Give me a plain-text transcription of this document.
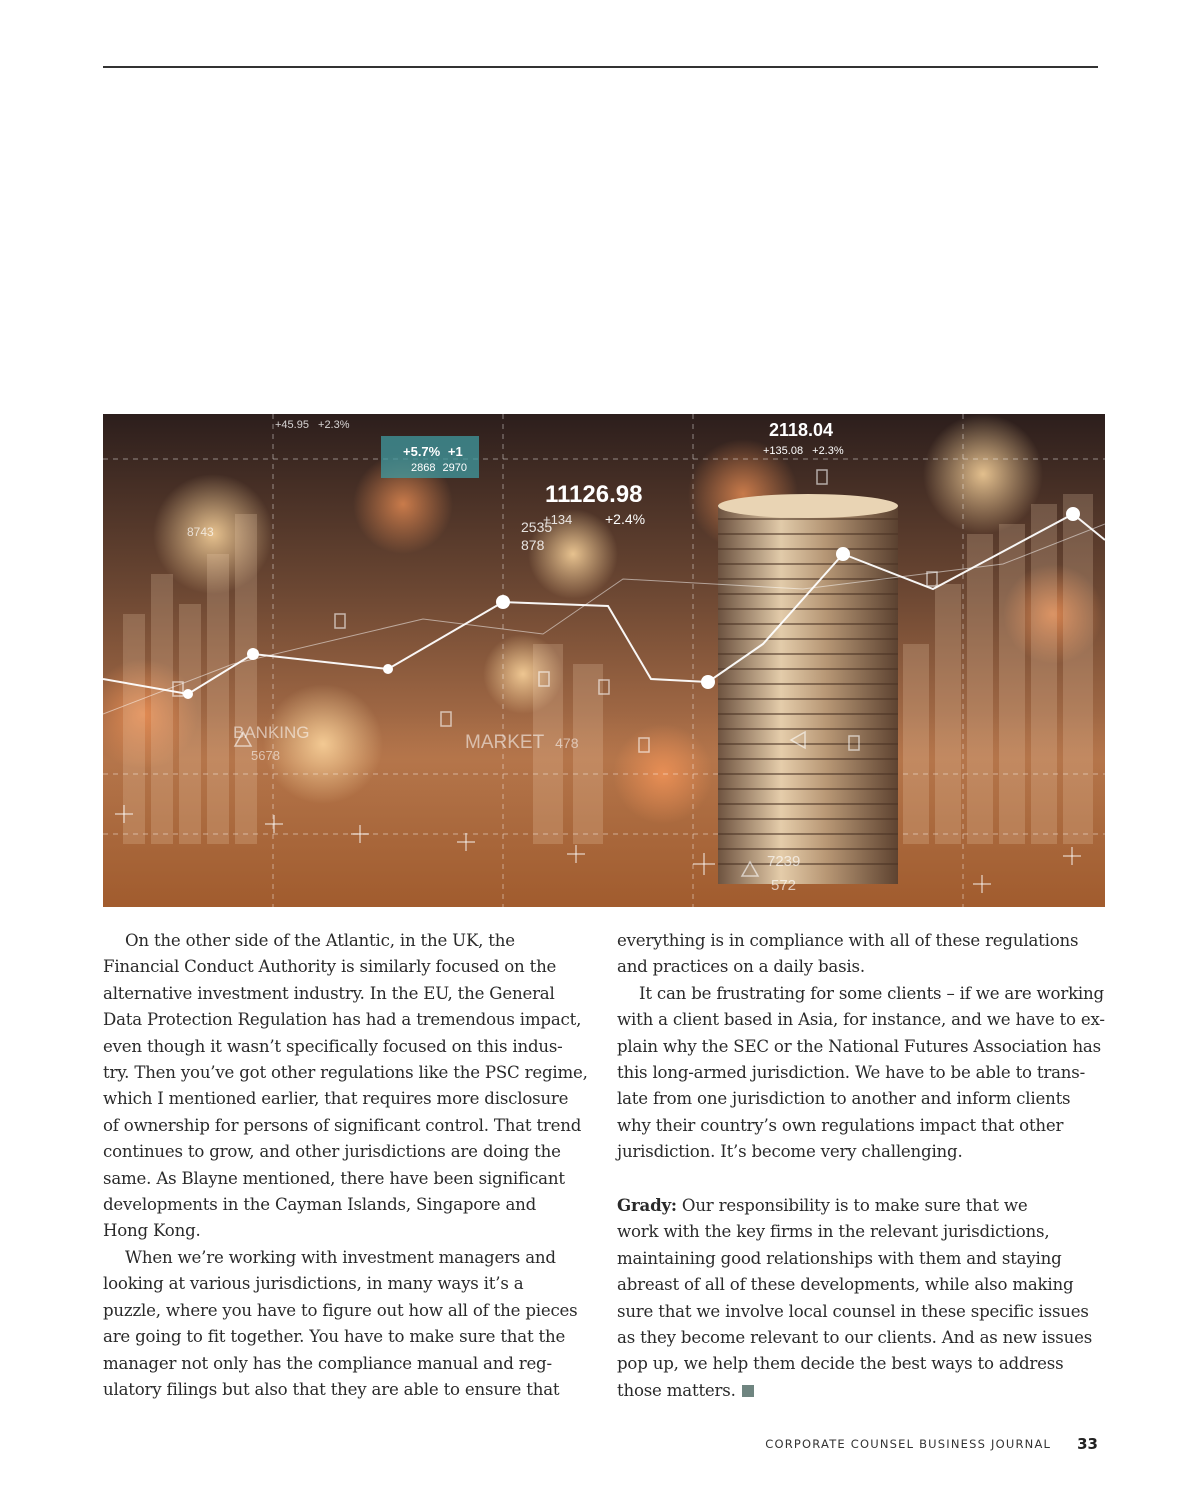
+45.95 +2.3%
+5.7% +1
2868 2970
11126.98
2535
878
+134 +2.4%
2118.04
+135.08 +2.3%
8743
BANKING
5678
MARKET 478
7239
572

On the other side of the Atlantic, in the UK, the
Financial Conduct Authority is similarly focused on the
alternative investment industry. In the EU, the General
Data Protection Regulation has had a tremendous impact,
even though it wasn’t specifically focused on this indus-
try. Then you’ve got other regulations like the PSC regime,
which I mentioned earlier, that requires more disclosure
of ownership for persons of significant control. That trend
continues to grow, and other jurisdictions are doing the
same. As Blayne mentioned, there have been significant
developments in the Cayman Islands, Singapore and
Hong Kong.

When we’re working with investment managers and
looking at various jurisdictions, in many ways it’s a
puzzle, where you have to figure out how all of the pieces
are going to fit together. You have to make sure that the
manager not only has the compliance manual and reg-
ulatory filings but also that they are able to ensure that

everything is in compliance with all of these regulations
and practices on a daily basis.

It can be frustrating for some clients – if we are working
with a client based in Asia, for instance, and we have to ex-
plain why the SEC or the National Futures Association has
this long-armed jurisdiction. We have to be able to trans-
late from one jurisdiction to another and inform clients
why their country’s own regulations impact that other
jurisdiction. It’s become very challenging.

Grady: Our responsibility is to make sure that we
work with the key firms in the relevant jurisdictions,
maintaining good relationships with them and staying
abreast of all of these developments, while also making
sure that we involve local counsel in these specific issues
as they become relevant to our clients. And as new issues
pop up, we help them decide the best ways to address
those matters.

CORPORATE COUNSEL BUSINESS JOURNAL 33
